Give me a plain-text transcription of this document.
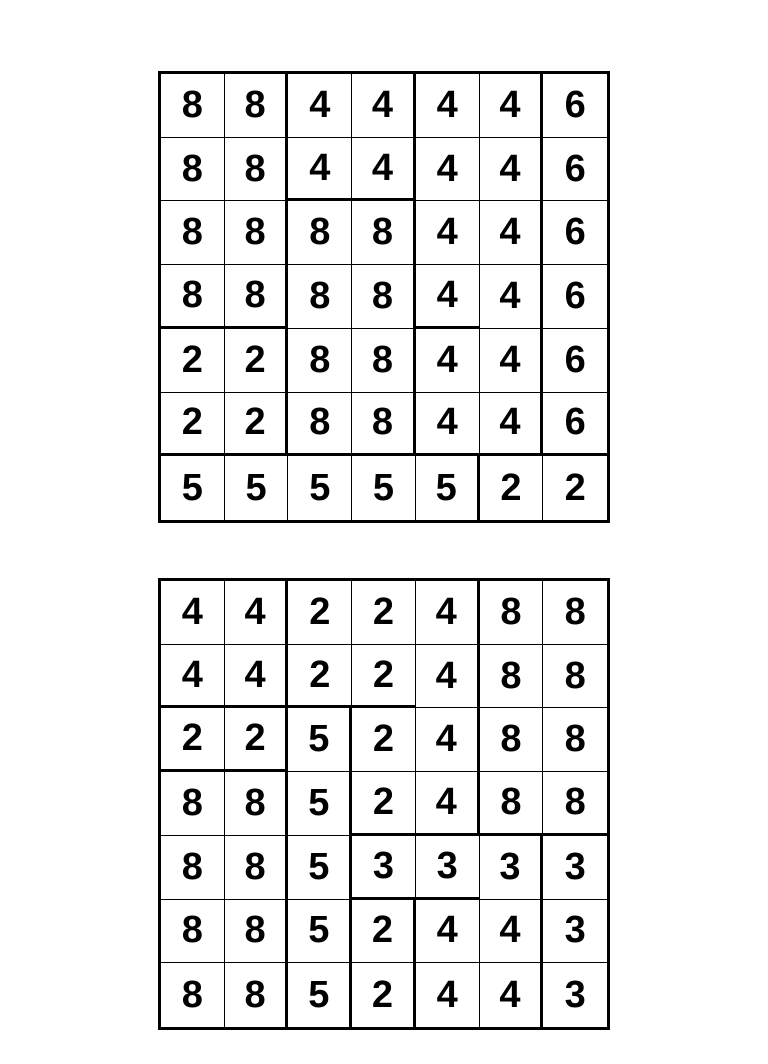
8	8	4	4	4	4	6
8	8	4	4	4	4	6
8	8	8	8	4	4	6
8	8	8	8	4	4	6
2	2	8	8	4	4	6
2	2	8	8	4	4	6
5	5	5	5	5	2	2
4	4	2	2	4	8	8
4	4	2	2	4	8	8
2	2	5	2	4	8	8
8	8	5	2	4	8	8
8	8	5	3	3	3	3
8	8	5	2	4	4	3
8	8	5	2	4	4	3
